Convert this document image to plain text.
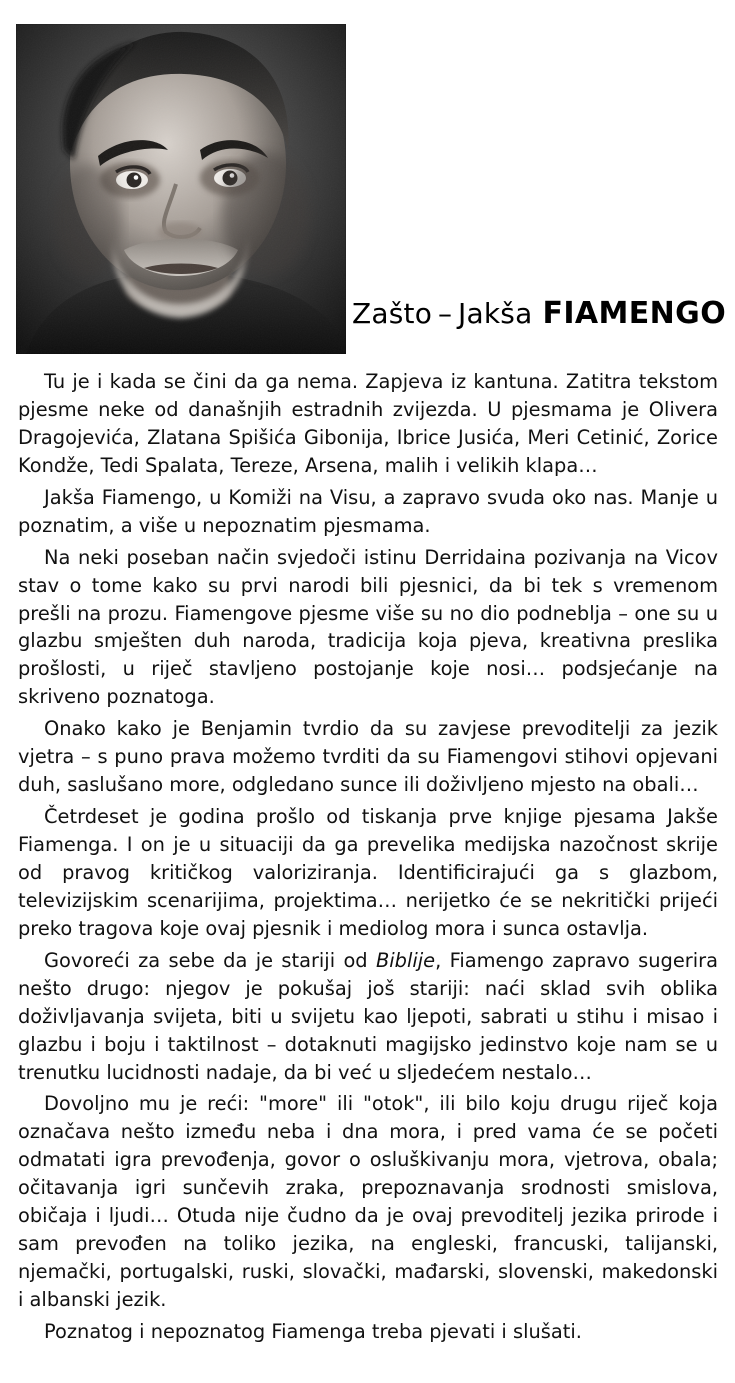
Zašto – Jakša FIAMENGO

Tu je i kada se čini da ga nema. Zapjeva iz kantuna. Zatitra tekstom pjesme neke od današnjih estradnih zvijezda. U pjesmama je Olivera Dragojevića, Zlatana Spišića Gibonija, Ibrice Jusića, Meri Cetinić, Zorice Kondže, Tedi Spalata, Tereze, Arsena, malih i velikih klapa…

Jakša Fiamengo, u Komiži na Visu, a zapravo svuda oko nas. Manje u poznatim, a više u nepoznatim pjesmama.

Na neki poseban način svjedoči istinu Derridaina pozivanja na Vicov stav o tome kako su prvi narodi bili pjesnici, da bi tek s vremenom prešli na prozu. Fiamengove pjesme više su no dio podneblja – one su u glazbu smješten duh naroda, tradicija koja pjeva, kreativna preslika prošlosti, u riječ stavljeno postojanje koje nosi… podsjećanje na skriveno poznatoga.

Onako kako je Benjamin tvrdio da su zavjese prevoditelji za jezik vjetra – s puno prava možemo tvrditi da su Fiamengovi stihovi opjevani duh, saslušano more, odgledano sunce ili doživljeno mjesto na obali…

Četrdeset je godina prošlo od tiskanja prve knjige pjesama Jakše Fiamenga. I on je u situaciji da ga prevelika medijska nazočnost skrije od pravog kritičkog valoriziranja. Identificirajući ga s glazbom, televizijskim scenarijima, projektima… nerijetko će se nekritički prijeći preko tragova koje ovaj pjesnik i mediolog mora i sunca ostavlja.

Govoreći za sebe da je stariji od Biblije, Fiamengo zapravo sugerira nešto drugo: njegov je pokušaj još stariji: naći sklad svih oblika doživljavanja svijeta, biti u svijetu kao ljepoti, sabrati u stihu i misao i glazbu i boju i taktilnost – dotaknuti magijsko jedinstvo koje nam se u trenutku lucidnosti nadaje, da bi već u sljedećem nestalo…

Dovoljno mu je reći: "more" ili "otok", ili bilo koju drugu riječ koja označava nešto između neba i dna mora, i pred vama će se početi odmatati igra prevođenja, govor o osluškivanju mora, vjetrova, obala; očitavanja igri sunčevih zraka, prepoznavanja srodnosti smislova, običaja i ljudi… Otuda nije čudno da je ovaj prevoditelj jezika prirode i sam prevođen na toliko jezika, na engleski, francuski, talijanski, njemački, portugalski, ruski, slovački, mađarski, slovenski, makedonski i albanski jezik.

Poznatog i nepoznatog Fiamenga treba pjevati i slušati.
